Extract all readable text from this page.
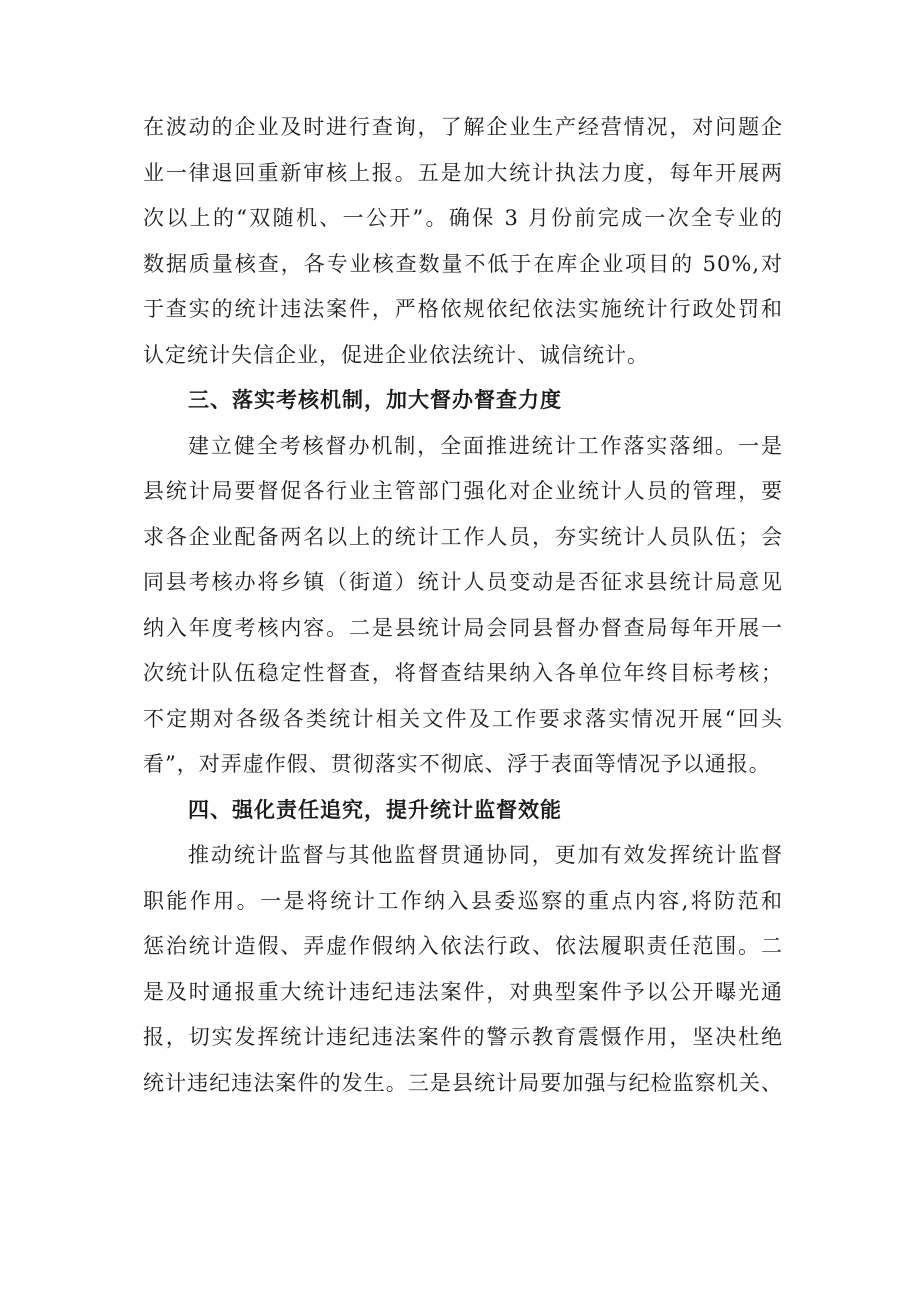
在波动的企业及时进行查询，了解企业生产经营情况，对问题企
业一律退回重新审核上报。五是加大统计执法力度，每年开展两
次以上的“双随机、一公开”。确保 3 月份前完成一次全专业的
数据质量核查，各专业核查数量不低于在库企业项目的 50%,对
于查实的统计违法案件，严格依规依纪依法实施统计行政处罚和
认定统计失信企业，促进企业依法统计、诚信统计。
三、落实考核机制，加大督办督查力度
建立健全考核督办机制，全面推进统计工作落实落细。一是
县统计局要督促各行业主管部门强化对企业统计人员的管理，要
求各企业配备两名以上的统计工作人员，夯实统计人员队伍；会
同县考核办将乡镇（街道）统计人员变动是否征求县统计局意见
纳入年度考核内容。二是县统计局会同县督办督查局每年开展一
次统计队伍稳定性督查，将督查结果纳入各单位年终目标考核；
不定期对各级各类统计相关文件及工作要求落实情况开展“回头
看”，对弄虚作假、贯彻落实不彻底、浮于表面等情况予以通报。
四、强化责任追究，提升统计监督效能
推动统计监督与其他监督贯通协同，更加有效发挥统计监督
职能作用。一是将统计工作纳入县委巡察的重点内容,将防范和
惩治统计造假、弄虚作假纳入依法行政、依法履职责任范围。二
是及时通报重大统计违纪违法案件，对典型案件予以公开曝光通
报，切实发挥统计违纪违法案件的警示教育震慑作用，坚决杜绝
统计违纪违法案件的发生。三是县统计局要加强与纪检监察机关、
